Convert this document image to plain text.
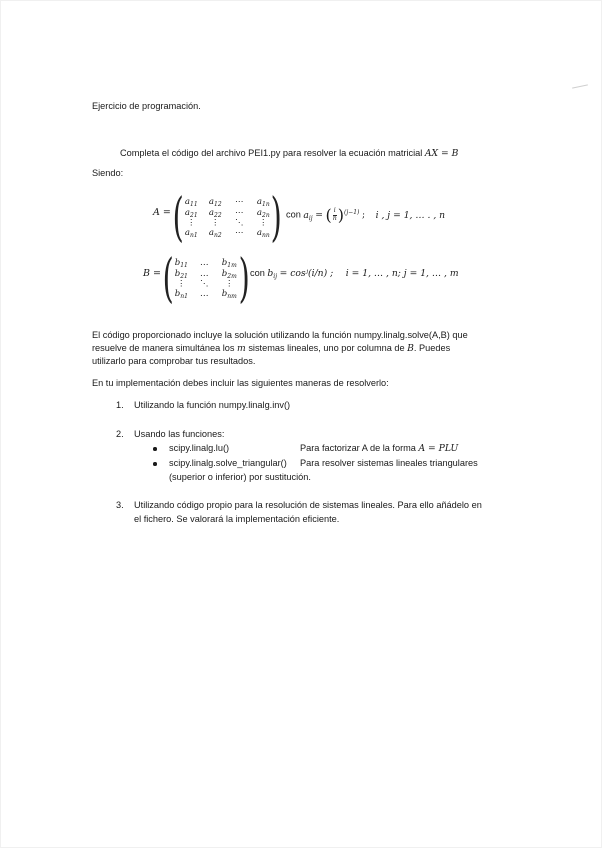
Ejercicio de programación.
Completa el código del archivo PEI1.py para resolver la ecuación matricial AX = B
Siendo:
A = ( $a_{11}$	$a_{12}$	⋯	$a_{1n}$
$a_{21}$	$a_{22}$	⋯	$a_{2n}$
⋮	⋮	⋱	⋮
$a_{n1}$	$a_{n2}$	⋯	$a_{nn}$ ) con $a_{ij}$ = ( $\frac{i}{n} )^{(j-1)}$ ; i , j = 1, … . , n
B = ( $b_{11}$	…	$b_{1m}$
$b_{21}$	…	$b_{2m}$
⋮	⋱	⋮
$b_{n1}$	…	$b_{nm}$ ) con $b_{ij}$ = cosʲ(i/n) ; i = 1, … , n; j = 1, … , m
El código proporcionado incluye la solución utilizando la función numpy.linalg.solve(A,B) que
resuelve de manera simultánea los m sistemas lineales, uno por columna de B. Puedes
utilizarlo para comprobar tus resultados.
En tu implementación debes incluir las siguientes maneras de resolverlo:
1. Utilizando la función numpy.linalg.inv()
2. Usando las funciones:
scipy.linalg.lu()	Para factorizar A de la forma A = PLU
scipy.linalg.solve_triangular() Para resolver sistemas lineales triangulares
(superior o inferior) por sustitución.
3. Utilizando código propio para la resolución de sistemas lineales. Para ello añádelo en
el fichero. Se valorará la implementación eficiente.
